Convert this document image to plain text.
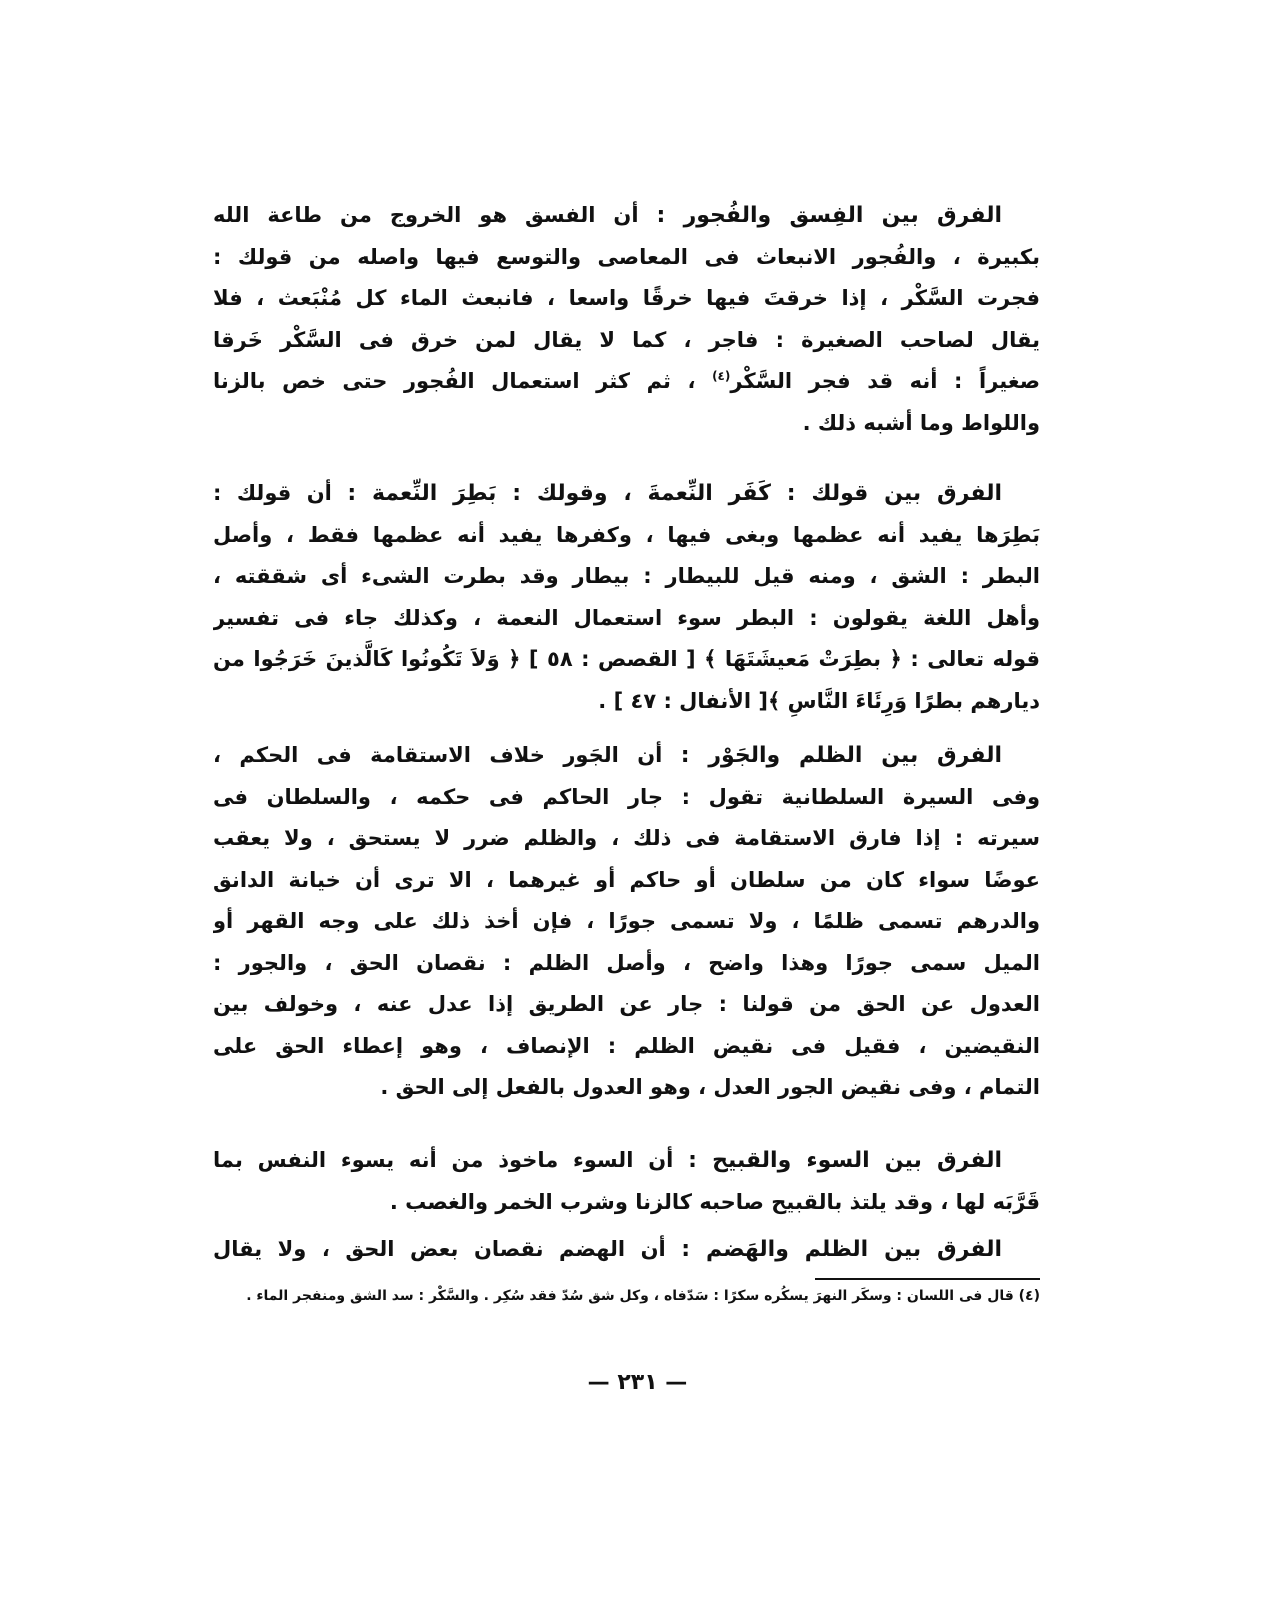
الفرق بين الفِسق والفُجور : أن الفسق هو الخروج من طاعة الله
بكبيرة ، والفُجور الانبعاث فى المعاصى والتوسع فيها واصله من قولك :
فجرت السَّكْر ، إذا خرقتَ فيها خرقًا واسعا ، فانبعث الماء كل مُنْبَعث ، فلا
يقال لصاحب الصغيرة : فاجر ، كما لا يقال لمن خرق فى السَّكْر خَرقا
صغيراً : أنه قد فجر السَّكْر$^{(٤)}$ ، ثم كثر استعمال الفُجور حتى خص بالزنا
واللواط وما أشبه ذلك .
الفرق بين قولك : كَفَر النِّعمةَ ، وقولك : بَطِرَ النِّعمة : أن قولك :
بَطِرَها يفيد أنه عظمها وبغى فيها ، وكفرها يفيد أنه عظمها فقط ، وأصل
البطر : الشق ، ومنه قيل للبيطار : بيطار وقد بطرت الشىء أى شققته ،
وأهل اللغة يقولون : البطر سوء استعمال النعمة ، وكذلك جاء فى تفسير
قوله تعالى : ﴿ بطِرَتْ مَعيشَتَهَا ﴾ [ القصص : ٥٨ ] ﴿ وَلاَ تَكُونُوا كَالَّذينَ خَرَجُوا من
ديارهم بطرًا وَرِئَاءَ النَّاسِ ﴾[ الأنفال : ٤٧ ] .
الفرق بين الظلم والجَوْر : أن الجَور خلاف الاستقامة فى الحكم ،
وفى السيرة السلطانية تقول : جار الحاكم فى حكمه ، والسلطان فى
سيرته : إذا فارق الاستقامة فى ذلك ، والظلم ضرر لا يستحق ، ولا يعقب
عوضًا سواء كان من سلطان أو حاكم أو غيرهما ، الا ترى أن خيانة الدانق
والدرهم تسمى ظلمًا ، ولا تسمى جورًا ، فإن أخذ ذلك على وجه القهر أو
الميل سمى جورًا وهذا واضح ، وأصل الظلم : نقصان الحق ، والجور :
العدول عن الحق من قولنا : جار عن الطريق إذا عدل عنه ، وخولف بين
النقيضين ، فقيل فى نقيض الظلم : الإنصاف ، وهو إعطاء الحق على
التمام ، وفى نقيض الجور العدل ، وهو العدول بالفعل إلى الحق .
الفرق بين السوء والقبيح : أن السوء ماخوذ من أنه يسوء النفس بما
قَرَّبَه لها ، وقد يلتذ بالقبيح صاحبه كالزنا وشرب الخمر والغصب .
الفرق بين الظلم والهَضم : أن الهضم نقصان بعض الحق ، ولا يقال
(٤) قال فى اللسان : وسكَر النهرَ يسكُره سكرًا : سَدّفاه ، وكل شق سُدّ فقد سُكِر . والسَّكْر : سد الشق ومنفجر الماء .
— ٢٣١ —
